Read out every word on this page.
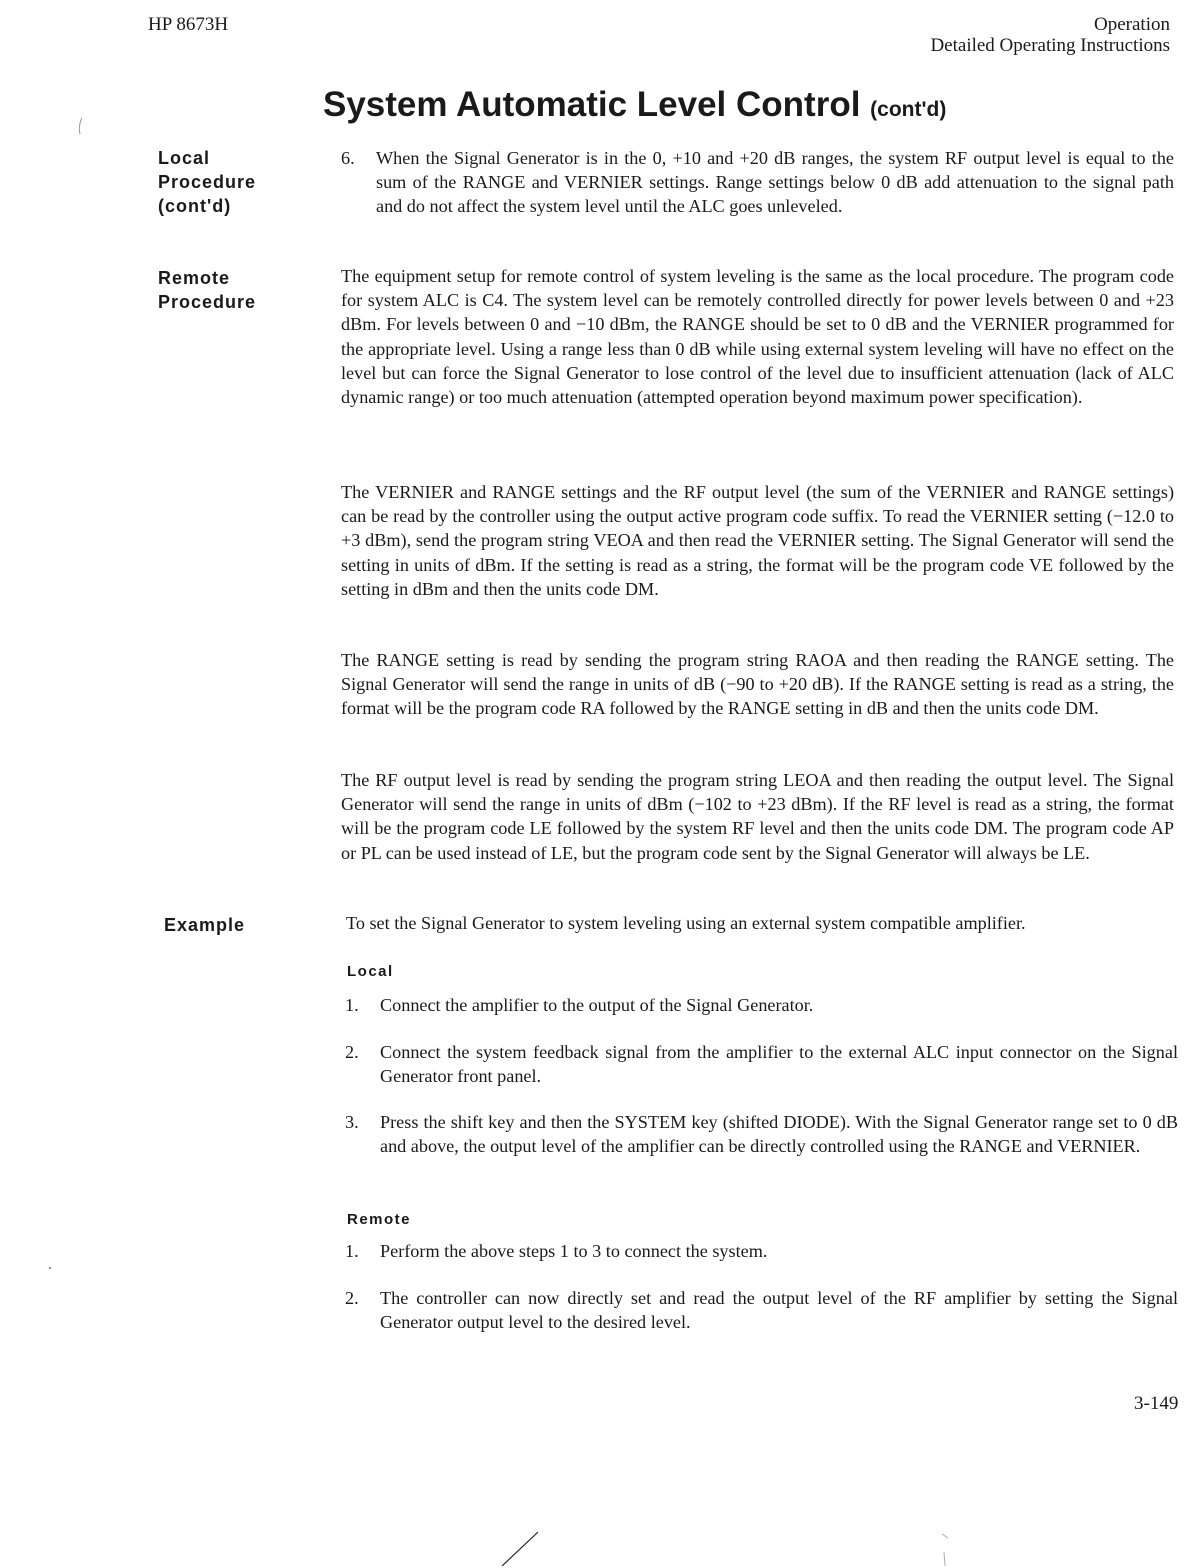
HP 8673H	Operation
Detailed Operating Instructions
System Automatic Level Control (cont'd)
Local
Procedure
(cont'd)
6.	When the Signal Generator is in the 0, +10 and +20 dB ranges, the system RF output level is equal to the sum of the RANGE and VERNIER settings. Range settings below 0 dB add attenuation to the signal path and do not affect the system level until the ALC goes unleveled.
Remote
Procedure

The equipment setup for remote control of system leveling is the same as the local procedure. The program code for system ALC is C4. The system level can be remotely controlled directly for power levels between 0 and +23 dBm. For levels between 0 and −10 dBm, the RANGE should be set to 0 dB and the VERNIER programmed for the appropriate level. Using a range less than 0 dB while using external system leveling will have no effect on the level but can force the Signal Generator to lose control of the level due to insufficient attenuation (lack of ALC dynamic range) or too much attenuation (attempted operation beyond maximum power specification).

The VERNIER and RANGE settings and the RF output level (the sum of the VERNIER and RANGE settings) can be read by the controller using the output active program code suffix. To read the VERNIER setting (−12.0 to +3 dBm), send the program string VEOA and then read the VERNIER setting. The Signal Generator will send the setting in units of dBm. If the setting is read as a string, the format will be the program code VE followed by the setting in dBm and then the units code DM.

The RANGE setting is read by sending the program string RAOA and then reading the RANGE setting. The Signal Generator will send the range in units of dB (−90 to +20 dB). If the RANGE setting is read as a string, the format will be the program code RA followed by the RANGE setting in dB and then the units code DM.

The RF output level is read by sending the program string LEOA and then reading the output level. The Signal Generator will send the range in units of dBm (−102 to +23 dBm). If the RF level is read as a string, the format will be the program code LE followed by the system RF level and then the units code DM. The program code AP or PL can be used instead of LE, but the program code sent by the Signal Generator will always be LE.

Example	To set the Signal Generator to system leveling using an external system compatible amplifier.
Local
1.	Connect the amplifier to the output of the Signal Generator.
2.	Connect the system feedback signal from the amplifier to the external ALC input connector on the Signal Generator front panel.
3.	Press the shift key and then the SYSTEM key (shifted DIODE). With the Signal Generator range set to 0 dB and above, the output level of the amplifier can be directly controlled using the RANGE and VERNIER.
Remote
1.	Perform the above steps 1 to 3 to connect the system.
2.	The controller can now directly set and read the output level of the RF amplifier by setting the Signal Generator output level to the desired level.
3-149
